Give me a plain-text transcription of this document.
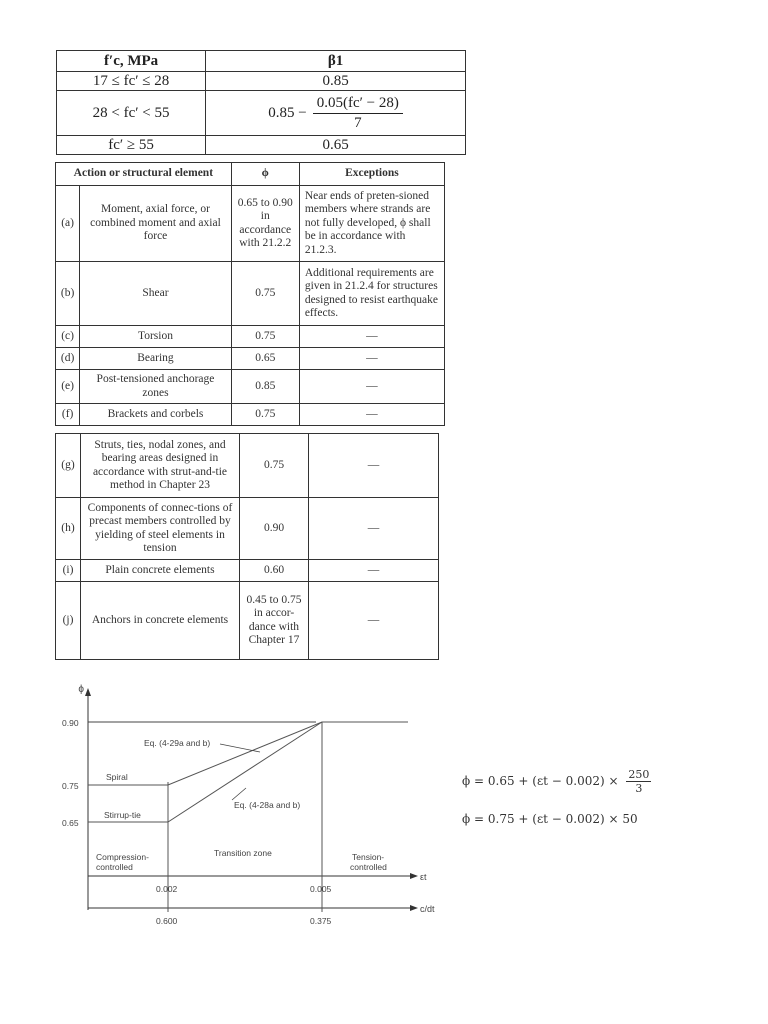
f′c, MPa	β1
17 ≤ fc′ ≤ 28	0.85
28 < fc′ < 55	$0.85 - \frac{0.05(fc' - 28)}{7}$

fc′ ≥ 55	0.65
Action or structural element		ϕ	Exceptions
(a)	Moment, axial force, or combined moment and axial force	0.65 to 0.90 in accordance with 21.2.2	Near ends of preten-sioned members where strands are not fully developed, ϕ shall be in accordance with 21.2.3.
(b)	Shear	0.75	Additional requirements are given in 21.2.4 for structures designed to resist earthquake effects.
(c)	Torsion	0.75	—
(d)	Bearing	0.65	—
(e)	Post-tensioned anchorage zones	0.85	—
(f)	Brackets and corbels	0.75	—
(g)	Struts, ties, nodal zones, and bearing areas designed in accordance with strut-and-tie method in Chapter 23	0.75	—
(h)	Components of connec-tions of precast members controlled by yielding of steel elements in tension	0.90	—
(i)	Plain concrete elements	0.60	—
(j)	Anchors in concrete elements	0.45 to 0.75 in accor-dance with Chapter 17	—
ϕ
εt
c/dt
0.90
0.75
0.65
Spiral
Stirrup-tie
Eq. (4-29a and b)
Eq. (4-28a and b)
Compression- controlled
Transition zone	Tension- controlled
0.002	0.005
0.600	0.375
$\phi = 0.65 + (\varepsilon t - 0.002) \times \frac{250}{3}$
ϕ = 0.75 + (εt − 0.002) × 50
